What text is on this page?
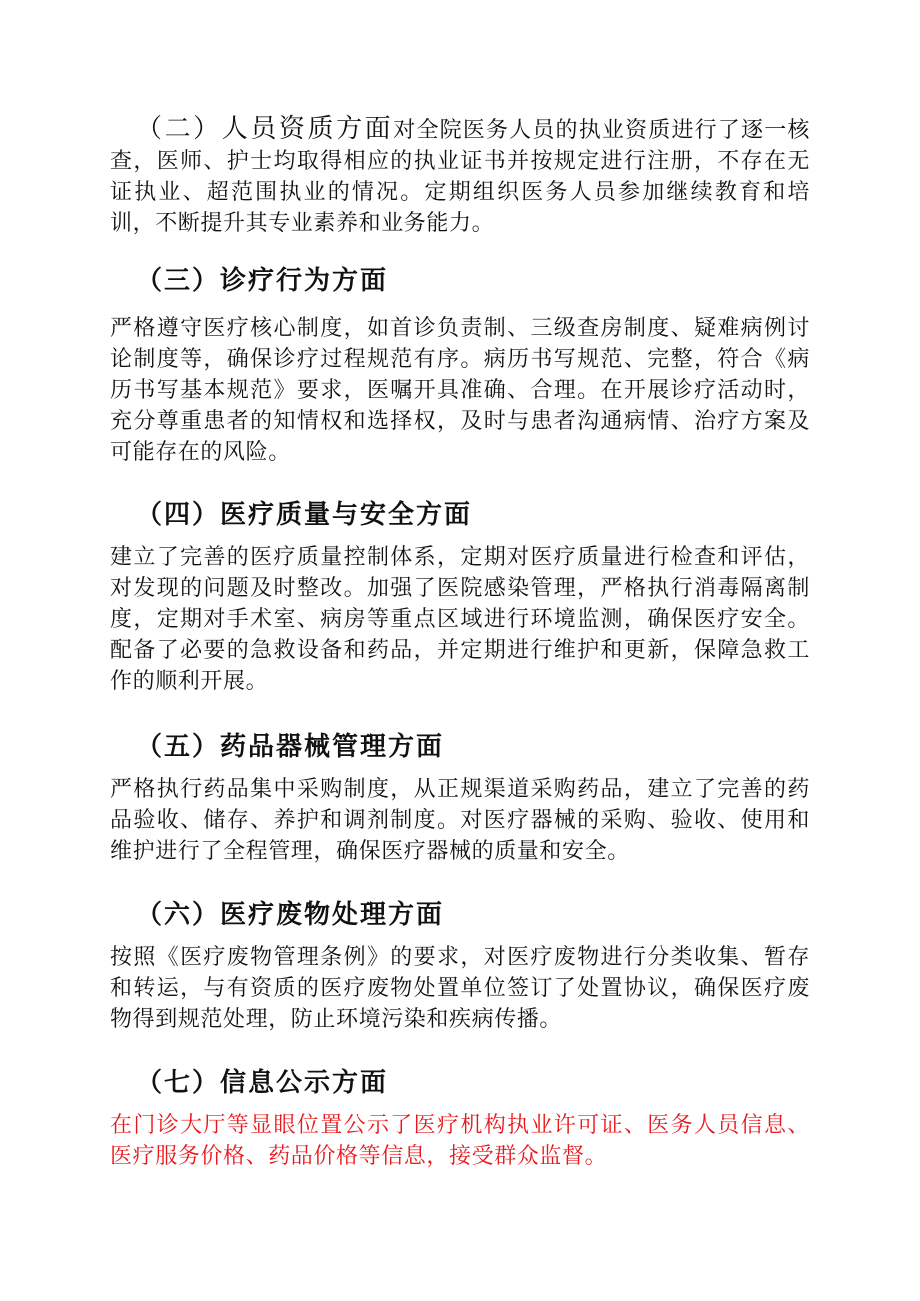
（二）人员资质方面对全院医务人员的执业资质进行了逐一核查，医师、护士均取得相应的执业证书并按规定进行注册，不存在无证执业、超范围执业的情况。定期组织医务人员参加继续教育和培训，不断提升其专业素养和业务能力。

（三）诊疗行为方面

严格遵守医疗核心制度，如首诊负责制、三级查房制度、疑难病例讨论制度等，确保诊疗过程规范有序。病历书写规范、完整，符合《病历书写基本规范》要求，医嘱开具准确、合理。在开展诊疗活动时，充分尊重患者的知情权和选择权，及时与患者沟通病情、治疗方案及可能存在的风险。

（四）医疗质量与安全方面

建立了完善的医疗质量控制体系，定期对医疗质量进行检查和评估，对发现的问题及时整改。加强了医院感染管理，严格执行消毒隔离制度，定期对手术室、病房等重点区域进行环境监测，确保医疗安全。配备了必要的急救设备和药品，并定期进行维护和更新，保障急救工作的顺利开展。

（五）药品器械管理方面

严格执行药品集中采购制度，从正规渠道采购药品，建立了完善的药品验收、储存、养护和调剂制度。对医疗器械的采购、验收、使用和维护进行了全程管理，确保医疗器械的质量和安全。

（六）医疗废物处理方面

按照《医疗废物管理条例》的要求，对医疗废物进行分类收集、暂存和转运，与有资质的医疗废物处置单位签订了处置协议，确保医疗废物得到规范处理，防止环境污染和疾病传播。

（七）信息公示方面

在门诊大厅等显眼位置公示了医疗机构执业许可证、医务人员信息、医疗服务价格、药品价格等信息，接受群众监督。
